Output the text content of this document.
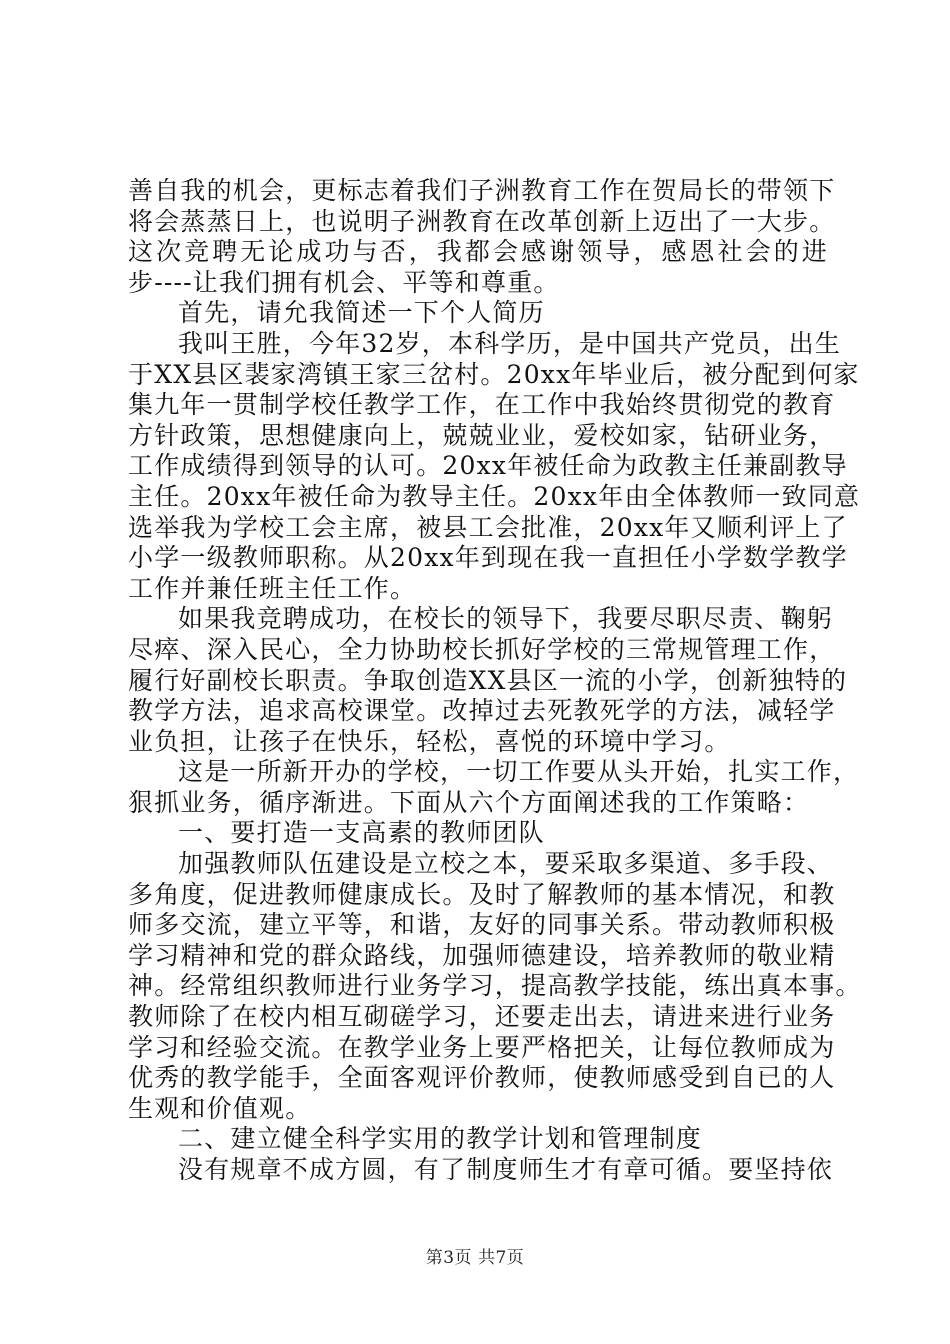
善自我的机会，更标志着我们子洲教育工作在贺局长的带领下
将会蒸蒸日上，也说明子洲教育在改革创新上迈出了一大步。
这次竞聘无论成功与否，我都会感谢领导，感恩社会的进
步----让我们拥有机会、平等和尊重。
首先，请允我简述一下个人简历
我叫王胜，今年32岁，本科学历，是中国共产党员，出生
于XX县区裴家湾镇王家三岔村。20xx年毕业后，被分配到何家
集九年一贯制学校任教学工作，在工作中我始终贯彻党的教育
方针政策，思想健康向上，兢兢业业，爱校如家，钻研业务，
工作成绩得到领导的认可。20xx年被任命为政教主任兼副教导
主任。20xx年被任命为教导主任。20xx年由全体教师一致同意
选举我为学校工会主席，被县工会批准，20xx年又顺利评上了
小学一级教师职称。从20xx年到现在我一直担任小学数学教学
工作并兼任班主任工作。
如果我竞聘成功，在校长的领导下，我要尽职尽责、鞠躬
尽瘁、深入民心，全力协助校长抓好学校的三常规管理工作，
履行好副校长职责。争取创造XX县区一流的小学，创新独特的
教学方法，追求高校课堂。改掉过去死教死学的方法，减轻学
业负担，让孩子在快乐，轻松，喜悦的环境中学习。
这是一所新开办的学校，一切工作要从头开始，扎实工作，
狠抓业务，循序渐进。下面从六个方面阐述我的工作策略：
一、要打造一支高素的教师团队
加强教师队伍建设是立校之本，要采取多渠道、多手段、
多角度，促进教师健康成长。及时了解教师的基本情况，和教
师多交流，建立平等，和谐，友好的同事关系。带动教师积极
学习精神和党的群众路线，加强师德建设，培养教师的敬业精
神。经常组织教师进行业务学习，提高教学技能，练出真本事。
教师除了在校内相互砌磋学习，还要走出去，请进来进行业务
学习和经验交流。在教学业务上要严格把关，让每位教师成为
优秀的教学能手，全面客观评价教师，使教师感受到自已的人
生观和价值观。
二、建立健全科学实用的教学计划和管理制度
没有规章不成方圆，有了制度师生才有章可循。要坚持依
第3页 共7页
